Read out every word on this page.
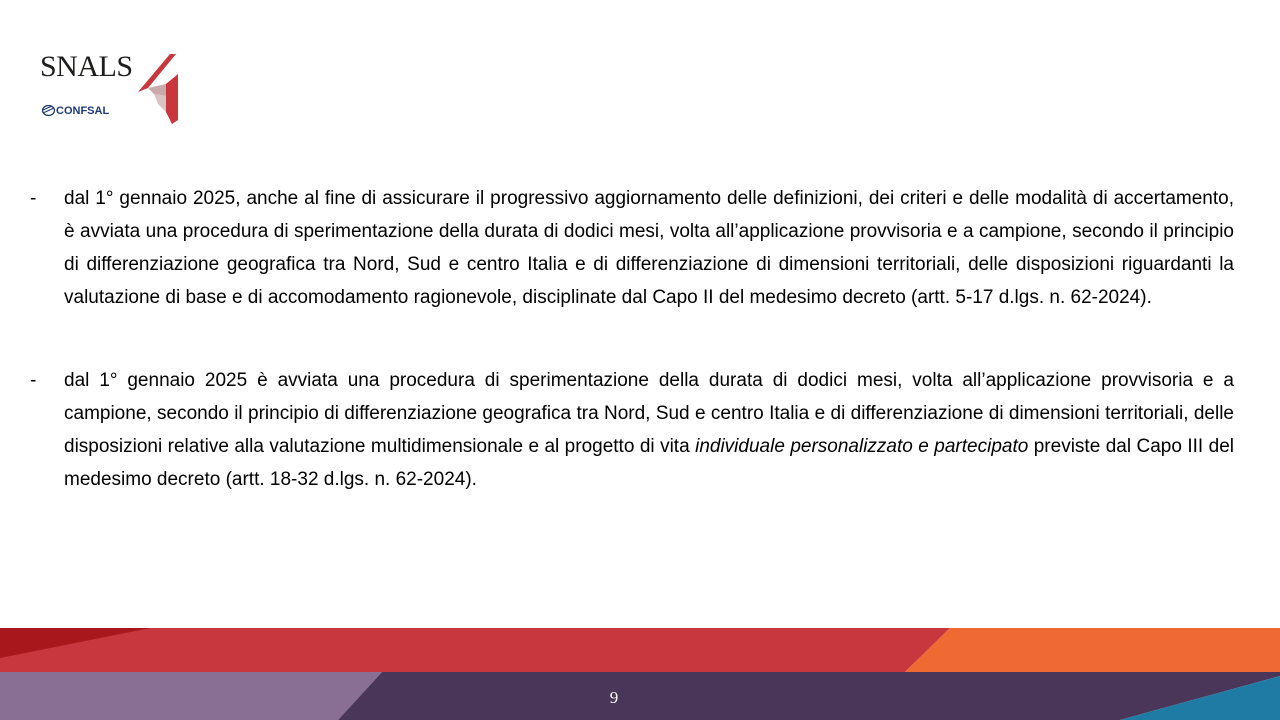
SNALS
CONFSAL
- dal 1° gennaio 2025, anche al fine di assicurare il progressivo aggiornamento delle definizioni, dei criteri e delle modalità di accertamento, è avviata una procedura di sperimentazione della durata di dodici mesi, volta all’applicazione provvisoria e a campione, secondo il principio di differenziazione geografica tra Nord, Sud e centro Italia e di differenziazione di dimensioni territoriali, delle disposizioni riguardanti la valutazione di base e di accomodamento ragionevole, disciplinate dal Capo II del medesimo decreto (artt. 5-17 d.lgs. n. 62-2024).

- dal 1° gennaio 2025 è avviata una procedura di sperimentazione della durata di dodici mesi, volta all’applicazione provvisoria e a campione, secondo il principio di differenziazione geografica tra Nord, Sud e centro Italia e di differenziazione di dimensioni territoriali, delle disposizioni relative alla valutazione multidimensionale e al progetto di vita individuale personalizzato e partecipato previste dal Capo III del medesimo decreto (artt. 18-32 d.lgs. n. 62-2024).

9
